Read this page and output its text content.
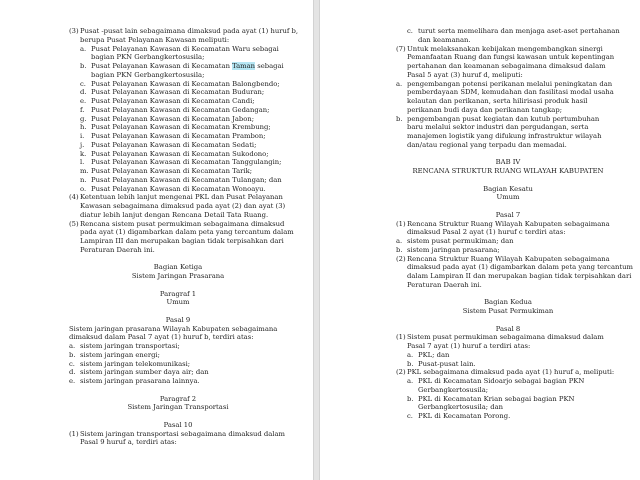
(3) Pusat -pusat lain sebagaimana dimaksud pada ayat (1) huruf b,
berupa Pusat Pelayanan Kawasan meliputi:
a. Pusat Pelayanan Kawasan di Kecamatan Waru sebagai
bagian PKN Gerbangkertosusila;
b. Pusat Pelayanan Kawasan di Kecamatan Taman sebagai
bagian PKN Gerbangkertosusila;
c. Pusat Pelayanan Kawasan di Kecamatan Balongbendo;
d. Pusat Pelayanan Kawasan di Kecamatan Buduran;
e. Pusat Pelayanan Kawasan di Kecamatan Candi;
f. Pusat Pelayanan Kawasan di Kecamatan Gedangan;
g. Pusat Pelayanan Kawasan di Kecamatan Jabon;
h. Pusat Pelayanan Kawasan di Kecamatan Krembung;
i. Pusat Pelayanan Kawasan di Kecamatan Prambon;
j. Pusat Pelayanan Kawasan di Kecamatan Sedati;
k. Pusat Pelayanan Kawasan di Kecamatan Sukodono;
l. Pusat Pelayanan Kawasan di Kecamatan Tanggulangin;
m. Pusat Pelayanan Kawasan di Kecamatan Tarik;
n. Pusat Pelayanan Kawasan di Kecamatan Tulangan; dan
o. Pusat Pelayanan Kawasan di Kecamatan Wonoayu.
(4) Ketentuan lebih lanjut mengenai PKL dan Pusat Pelayanan
Kawasan sebagaimana dimaksud pada ayat (2) dan ayat (3)
diatur lebih lanjut dengan Rencana Detail Tata Ruang.
(5) Rencana sistem pusat permukiman sebagaimana dimaksud
pada ayat (1) digambarkan dalam peta yang tercantum dalam
Lampiran III dan merupakan bagian tidak terpisahkan dari
Peraturan Daerah ini.
Bagian Ketiga
Sistem Jaringan Prasarana
Paragraf 1
Umum
Pasal 9
Sistem jaringan prasarana Wilayah Kabupaten sebagaimana
dimaksud dalam Pasal 7 ayat (1) huruf b, terdiri atas:
a. sistem jaringan transportasi;
b. sistem jaringan energi;
c. sistem jaringan telekomunikasi;
d. sistem jaringan sumber daya air; dan
e. sistem jaringan prasarana lainnya.
Paragraf 2
Sistem Jaringan Transportasi
Pasal 10
(1) Sistem jaringan transportasi sebagaimana dimaksud dalam
Pasal 9 huruf a, terdiri atas:
c. turut serta memelihara dan menjaga aset-aset pertahanan
dan keamanan.
(7) Untuk melaksanakan kebijakan mengembangkan sinergi
Pemanfaatan Ruang dan fungsi kawasan untuk kepentingan
pertahanan dan keamanan sebagaimana dimaksud dalam
Pasal 5 ayat (3) huruf d, meliputi:
a. pengembangan potensi perikanan melalui peningkatan dan
pemberdayaan SDM, kemudahan dan fasilitasi modal usaha
kelautan dan perikanan, serta hilirisasi produk hasil
perikanan budi daya dan perikanan tangkap;
b. pengembangan pusat kegiatan dan kutub pertumbuhan
baru melalui sektor industri dan pergudangan, serta
manajemen logistik yang difukung infrastruktur wilayah
dan/atau regional yang terpadu dan memadai.
BAB IV
RENCANA STRUKTUR RUANG WILAYAH KABUPATEN
Bagian Kesatu
Umum
Pasal 7
(1) Rencana Struktur Ruang Wilayah Kabupaten sebagaimana
dimaksud Pasal 2 ayat (1) huruf c terdiri atas:
a. sistem pusat permukiman; dan
b. sistem jaringan prasarana;
(2) Rencana Struktur Ruang Wilayah Kabupaten sebagaimana
dimaksud pada ayat (1) digambarkan dalam peta yang tercantum
dalam Lampiran II dan merupakan bagian tidak terpisahkan dari
Peraturan Daerah ini.
Bagian Kedua
Sistem Pusat Permukiman
Pasal 8
(1) Sistem pusat permukiman sebagaimana dimaksud dalam
Pasal 7 ayat (1) huruf a terdiri atas:
a. PKL; dan
b. Pusat-pusat lain.
(2) PKL sebagaimana dimaksud pada ayat (1) huruf a, meliputi:
a. PKL di Kecamatan Sidoarjo sebagai bagian PKN
Gerbangkertosusila;
b. PKL di Kecamatan Krian sebagai bagian PKN
Gerbangkertosusila; dan
c. PKL di Kecamatan Porong.
